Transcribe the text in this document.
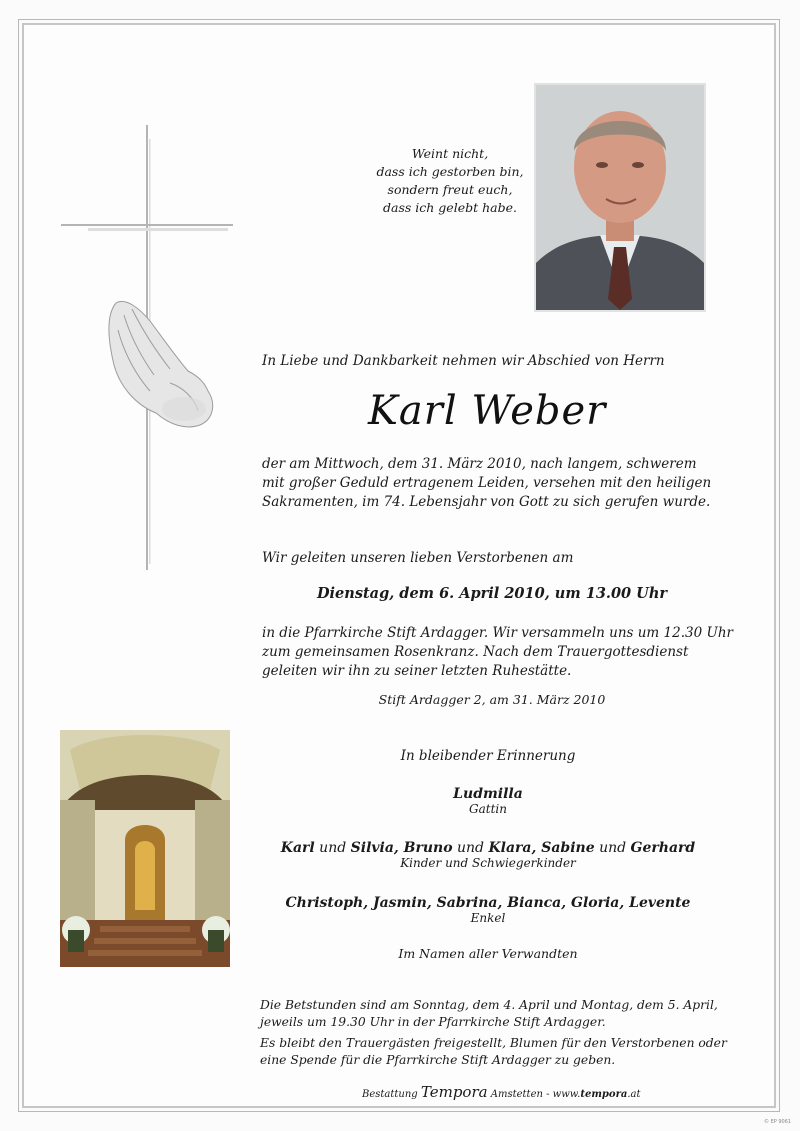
Weint nicht,
dass ich gestorben bin,
sondern freut euch,
dass ich gelebt habe.
In Liebe und Dankbarkeit nehmen wir Abschied von Herrn
Karl Weber
der am Mittwoch, dem 31. März 2010, nach langem, schwerem
mit großer Geduld ertragenem Leiden, versehen mit den heiligen
Sakramenten, im 74. Lebensjahr von Gott zu sich gerufen wurde.
Wir geleiten unseren lieben Verstorbenen am
Dienstag, dem 6. April 2010, um 13.00 Uhr
in die Pfarrkirche Stift Ardagger. Wir versammeln uns um 12.30 Uhr
zum gemeinsamen Rosenkranz. Nach dem Trauergottesdienst
geleiten wir ihn zu seiner letzten Ruhestätte.
Stift Ardagger 2, am 31. März 2010
In bleibender Erinnerung
Ludmilla
Gattin
Karl und Silvia, Bruno und Klara, Sabine und Gerhard
Kinder und Schwiegerkinder
Christoph, Jasmin, Sabrina, Bianca, Gloria, Levente
Enkel
Im Namen aller Verwandten
Die Betstunden sind am Sonntag, dem 4. April und Montag, dem 5. April,
jeweils um 19.30 Uhr in der Pfarrkirche Stift Ardagger.
Es bleibt den Trauergästen freigestellt, Blumen für den Verstorbenen oder
eine Spende für die Pfarrkirche Stift Ardagger zu geben.
Bestattung Tempora Amstetten - www.tempora.at
© EP 9061
